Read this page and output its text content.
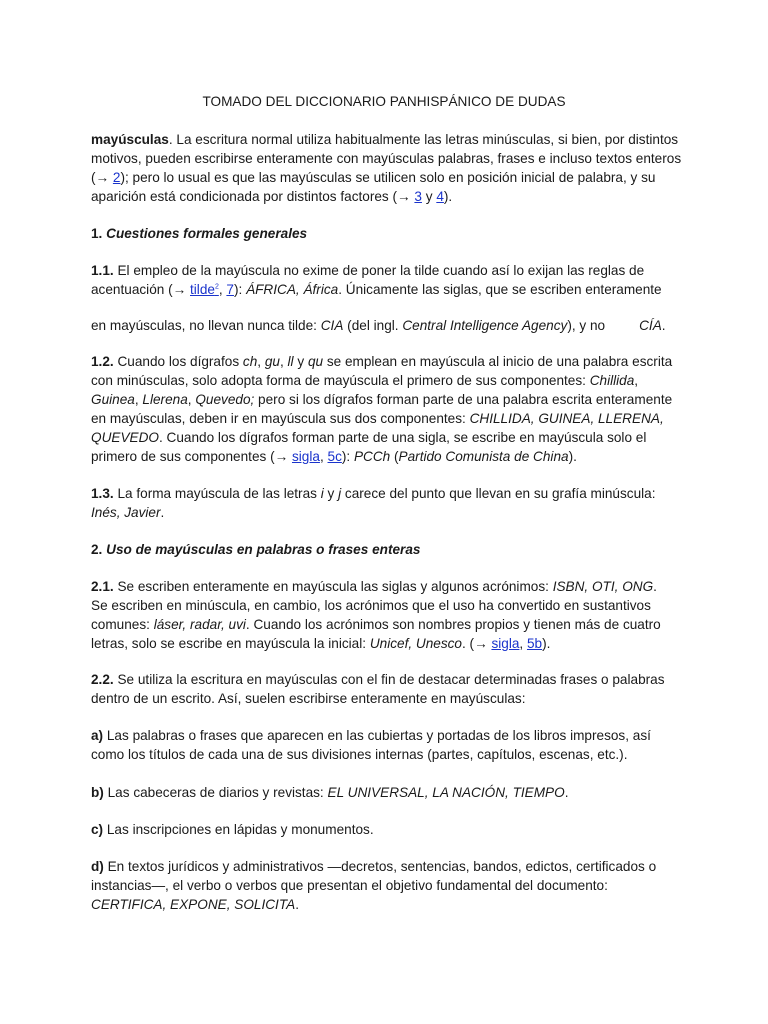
TOMADO DEL DICCIONARIO PANHISPÁNICO DE DUDAS

mayúsculas. La escritura normal utiliza habitualmente las letras minúsculas, si bien, por distintos motivos, pueden escribirse enteramente con mayúsculas palabras, frases e incluso textos enteros (→ 2); pero lo usual es que las mayúsculas se utilicen solo en posición inicial de palabra, y su aparición está condicionada por distintos factores (→ 3 y 4).

1. Cuestiones formales generales

1.1. El empleo de la mayúscula no exime de poner la tilde cuando así lo exijan las reglas de acentuación (→ tilde$^2$, 7): ÁFRICA, África. Únicamente las siglas, que se escriben enteramente

en mayúsculas, no llevan nunca tilde: CIA (del ingl. Central Intelligence Agency), y no	CÍA.

1.2. Cuando los dígrafos ch, gu, ll y qu se emplean en mayúscula al inicio de una palabra escrita con minúsculas, solo adopta forma de mayúscula el primero de sus componentes: Chillida, Guinea, Llerena, Quevedo; pero si los dígrafos forman parte de una palabra escrita enteramente en mayúsculas, deben ir en mayúscula sus dos componentes: CHILLIDA, GUINEA, LLERENA, QUEVEDO. Cuando los dígrafos forman parte de una sigla, se escribe en mayúscula solo el primero de sus componentes (→ sigla, 5c): PCCh (Partido Comunista de China).

1.3. La forma mayúscula de las letras i y j carece del punto que llevan en su grafía minúscula: Inés, Javier.

2. Uso de mayúsculas en palabras o frases enteras

2.1. Se escriben enteramente en mayúscula las siglas y algunos acrónimos: ISBN, OTI, ONG. Se escriben en minúscula, en cambio, los acrónimos que el uso ha convertido en sustantivos comunes: láser, radar, uvi. Cuando los acrónimos son nombres propios y tienen más de cuatro letras, solo se escribe en mayúscula la inicial: Unicef, Unesco. (→ sigla, 5b).

2.2. Se utiliza la escritura en mayúsculas con el fin de destacar determinadas frases o palabras dentro de un escrito. Así, suelen escribirse enteramente en mayúsculas:

a) Las palabras o frases que aparecen en las cubiertas y portadas de los libros impresos, así como los títulos de cada una de sus divisiones internas (partes, capítulos, escenas, etc.).

b) Las cabeceras de diarios y revistas: EL UNIVERSAL, LA NACIÓN, TIEMPO.

c) Las inscripciones en lápidas y monumentos.

d) En textos jurídicos y administrativos —decretos, sentencias, bandos, edictos, certificados o instancias—, el verbo o verbos que presentan el objetivo fundamental del documento: CERTIFICA, EXPONE, SOLICITA.
